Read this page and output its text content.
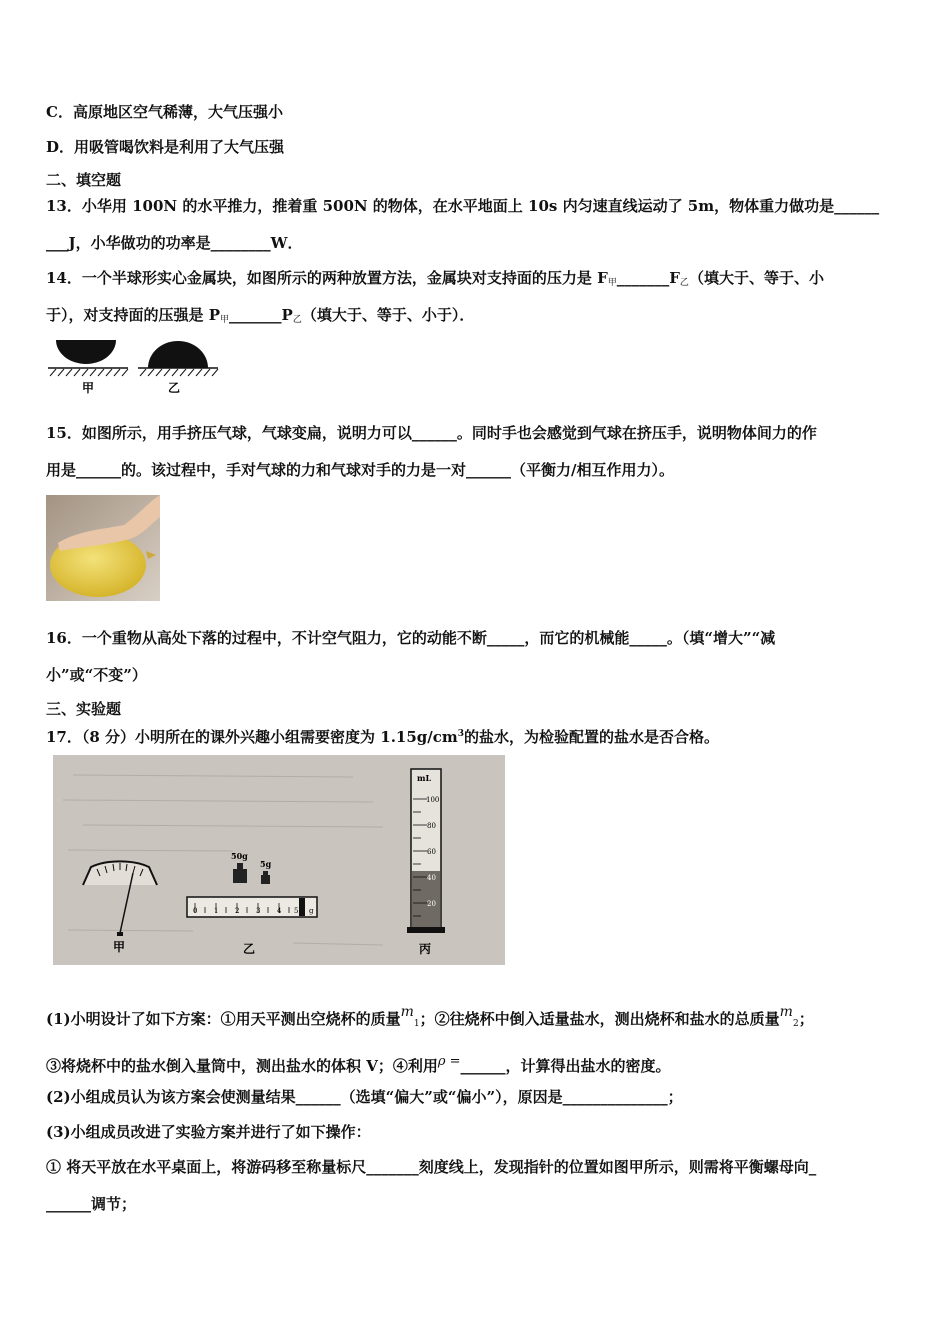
C．高原地区空气稀薄，大气压强小
D．用吸管喝饮料是利用了大气压强
二、填空题
13．小华用 100N 的水平推力，推着重 500N 的物体，在水平地面上 10s 内匀速直线运动了 5m，物体重力做功是______
___J，小华做功的功率是________W．
14．一个半球形实心金属块，如图所示的两种放置方法，金属块对支持面的压力是 $F_甲\_\_\_\_\_\_\_F_乙$（填大于、等于、小
于），对支持面的压强是 $P_甲\_\_\_\_\_\_\_P_乙$（填大于、等于、小于）．
甲	乙
15．如图所示，用手挤压气球，气球变扁，说明力可以______。同时手也会感觉到气球在挤压手，说明物体间力的作
用是______的。该过程中，手对气球的力和气球对手的力是一对______（平衡力/相互作用力）。
16．一个重物从高处下落的过程中，不计空气阻力，它的动能不断_____，而它的机械能_____。（填“增大”“减
小”或“不变”）
三、实验题
17．（8 分）小明所在的课外兴趣小组需要密度为 $1.15g/cm^3$的盐水，为检验配置的盐水是否合格。
甲
50g
5g
0 1 2 3 4 5 g
乙
mL
100
80
60
40
20
丙
(1)小明设计了如下方案：①用天平测出空烧杯的质量$m_1$；②往烧杯中倒入适量盐水，测出烧杯和盐水的总质量$m_2$；
③将烧杯中的盐水倒入量筒中，测出盐水的体积 V；④利用ρ =______，计算得出盐水的密度。
(2)小组成员认为该方案会使测量结果______（选填“偏大”或“偏小”），原因是______________；
(3)小组成员改进了实验方案并进行了如下操作：
① 将天平放在水平桌面上，将游码移至称量标尺_______刻度线上，发现指针的位置如图甲所示，则需将平衡螺母向_
______调节；
